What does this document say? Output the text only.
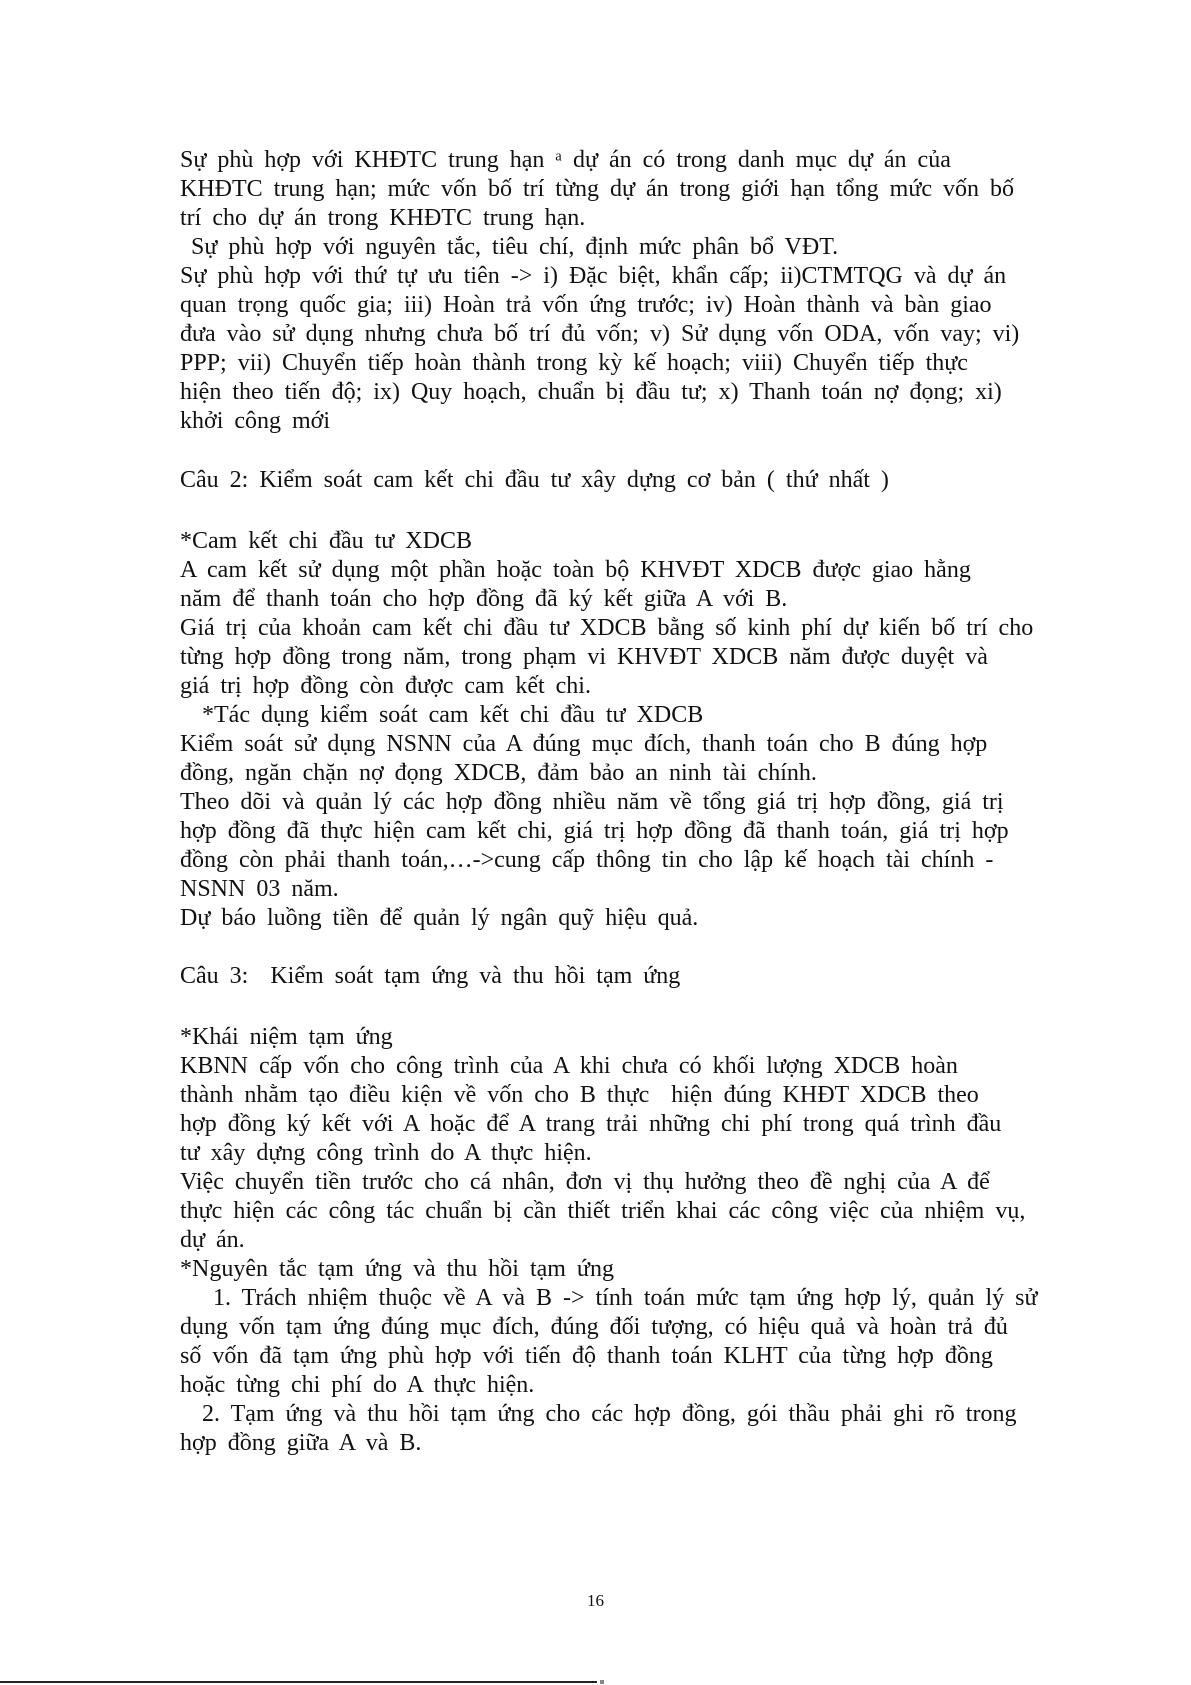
Sự phù hợp với KHĐTC trung hạn ᵃ dự án có trong danh mục dự án của
KHĐTC trung hạn; mức vốn bố trí từng dự án trong giới hạn tổng mức vốn bố
trí cho dự án trong KHĐTC trung hạn.
Sự phù hợp với nguyên tắc, tiêu chí, định mức phân bổ VĐT.
Sự phù hợp với thứ tự ưu tiên -> i) Đặc biệt, khẩn cấp; ii)CTMTQG và dự án
quan trọng quốc gia; iii) Hoàn trả vốn ứng trước; iv) Hoàn thành và bàn giao
đưa vào sử dụng nhưng chưa bố trí đủ vốn; v) Sử dụng vốn ODA, vốn vay; vi)
PPP; vii) Chuyển tiếp hoàn thành trong kỳ kế hoạch; viii) Chuyển tiếp thực
hiện theo tiến độ; ix) Quy hoạch, chuẩn bị đầu tư; x) Thanh toán nợ đọng; xi)
khởi công mới
Câu 2: Kiểm soát cam kết chi đầu tư xây dựng cơ bản ( thứ nhất )
*Cam kết chi đầu tư XDCB
A cam kết sử dụng một phần hoặc toàn bộ KHVĐT XDCB được giao hằng
năm để thanh toán cho hợp đồng đã ký kết giữa A với B.
Giá trị của khoản cam kết chi đầu tư XDCB bằng số kinh phí dự kiến bố trí cho
từng hợp đồng trong năm, trong phạm vi KHVĐT XDCB năm được duyệt và
giá trị hợp đồng còn được cam kết chi.
*Tác dụng kiểm soát cam kết chi đầu tư XDCB
Kiểm soát sử dụng NSNN của A đúng mục đích, thanh toán cho B đúng hợp
đồng, ngăn chặn nợ đọng XDCB, đảm bảo an ninh tài chính.
Theo dõi và quản lý các hợp đồng nhiều năm về tổng giá trị hợp đồng, giá trị
hợp đồng đã thực hiện cam kết chi, giá trị hợp đồng đã thanh toán, giá trị hợp
đồng còn phải thanh toán,…->cung cấp thông tin cho lập kế hoạch tài chính -
NSNN 03 năm.
Dự báo luồng tiền để quản lý ngân quỹ hiệu quả.
Câu 3:  Kiểm soát tạm ứng và thu hồi tạm ứng
*Khái niệm tạm ứng
KBNN cấp vốn cho công trình của A khi chưa có khối lượng XDCB hoàn
thành nhằm tạo điều kiện về vốn cho B thực  hiện đúng KHĐT XDCB theo
hợp đồng ký kết với A hoặc để A trang trải những chi phí trong quá trình đầu
tư xây dựng công trình do A thực hiện.
Việc chuyển tiền trước cho cá nhân, đơn vị thụ hưởng theo đề nghị của A để
thực hiện các công tác chuẩn bị cần thiết triển khai các công việc của nhiệm vụ,
dự án.
*Nguyên tắc tạm ứng và thu hồi tạm ứng
1. Trách nhiệm thuộc về A và B -> tính toán mức tạm ứng hợp lý, quản lý sử
dụng vốn tạm ứng đúng mục đích, đúng đối tượng, có hiệu quả và hoàn trả đủ
số vốn đã tạm ứng phù hợp với tiến độ thanh toán KLHT của từng hợp đồng
hoặc từng chi phí do A thực hiện.
2. Tạm ứng và thu hồi tạm ứng cho các hợp đồng, gói thầu phải ghi rõ trong
hợp đồng giữa A và B.
16
